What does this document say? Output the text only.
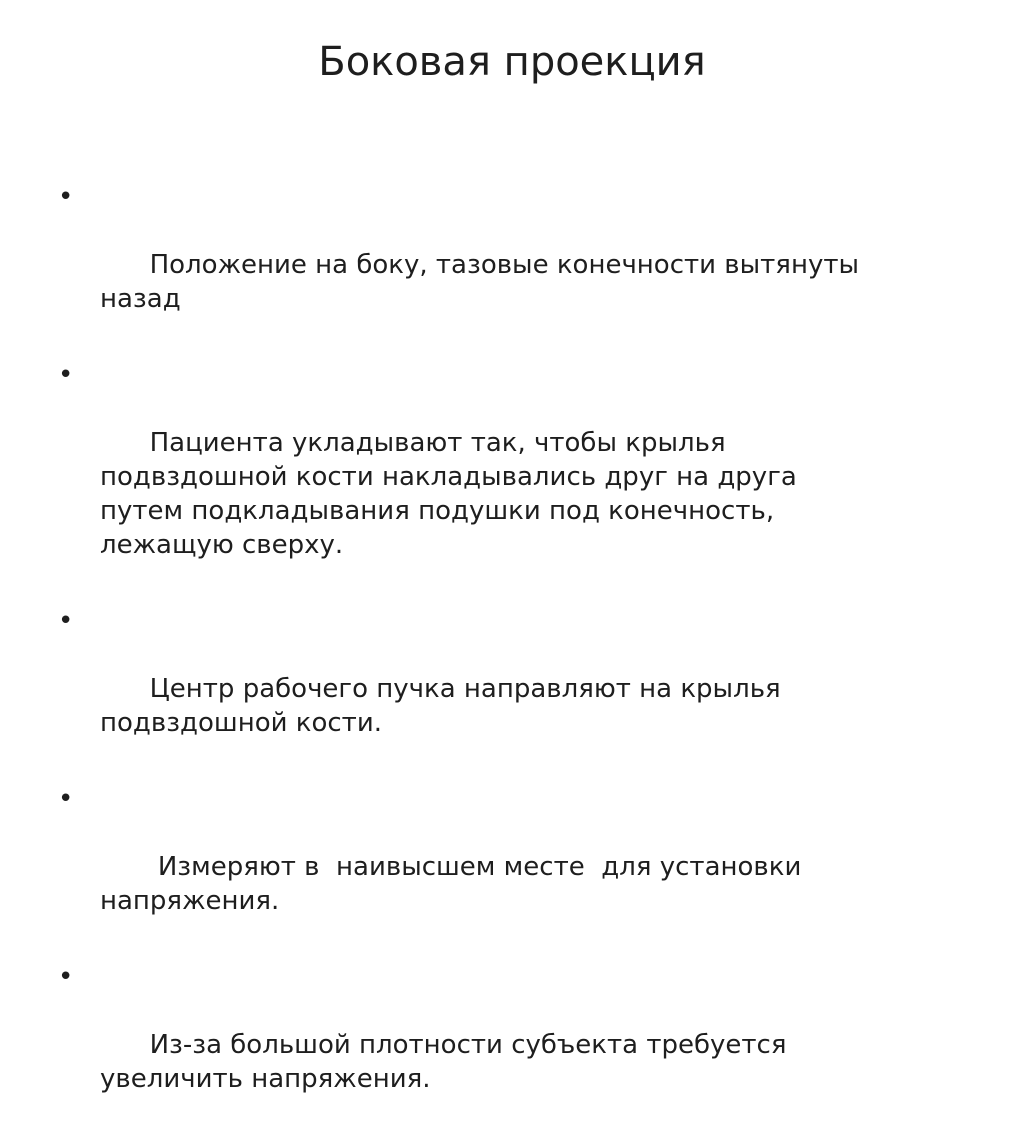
Боковая проекция

•

Положение на боку, тазовые конечности вытянуты
назад

•

Пациента укладывают так, чтобы крылья
подвздошной кости накладывались друг на друга
путем подкладывания подушки под конечность,
лежащую сверху.

•

Центр рабочего пучка направляют на крылья
подвздошной кости.

•

Измеряют в  наивысшем месте  для установки
напряжения.

•

Из-за большой плотности субъекта требуется
увеличить напряжения.
